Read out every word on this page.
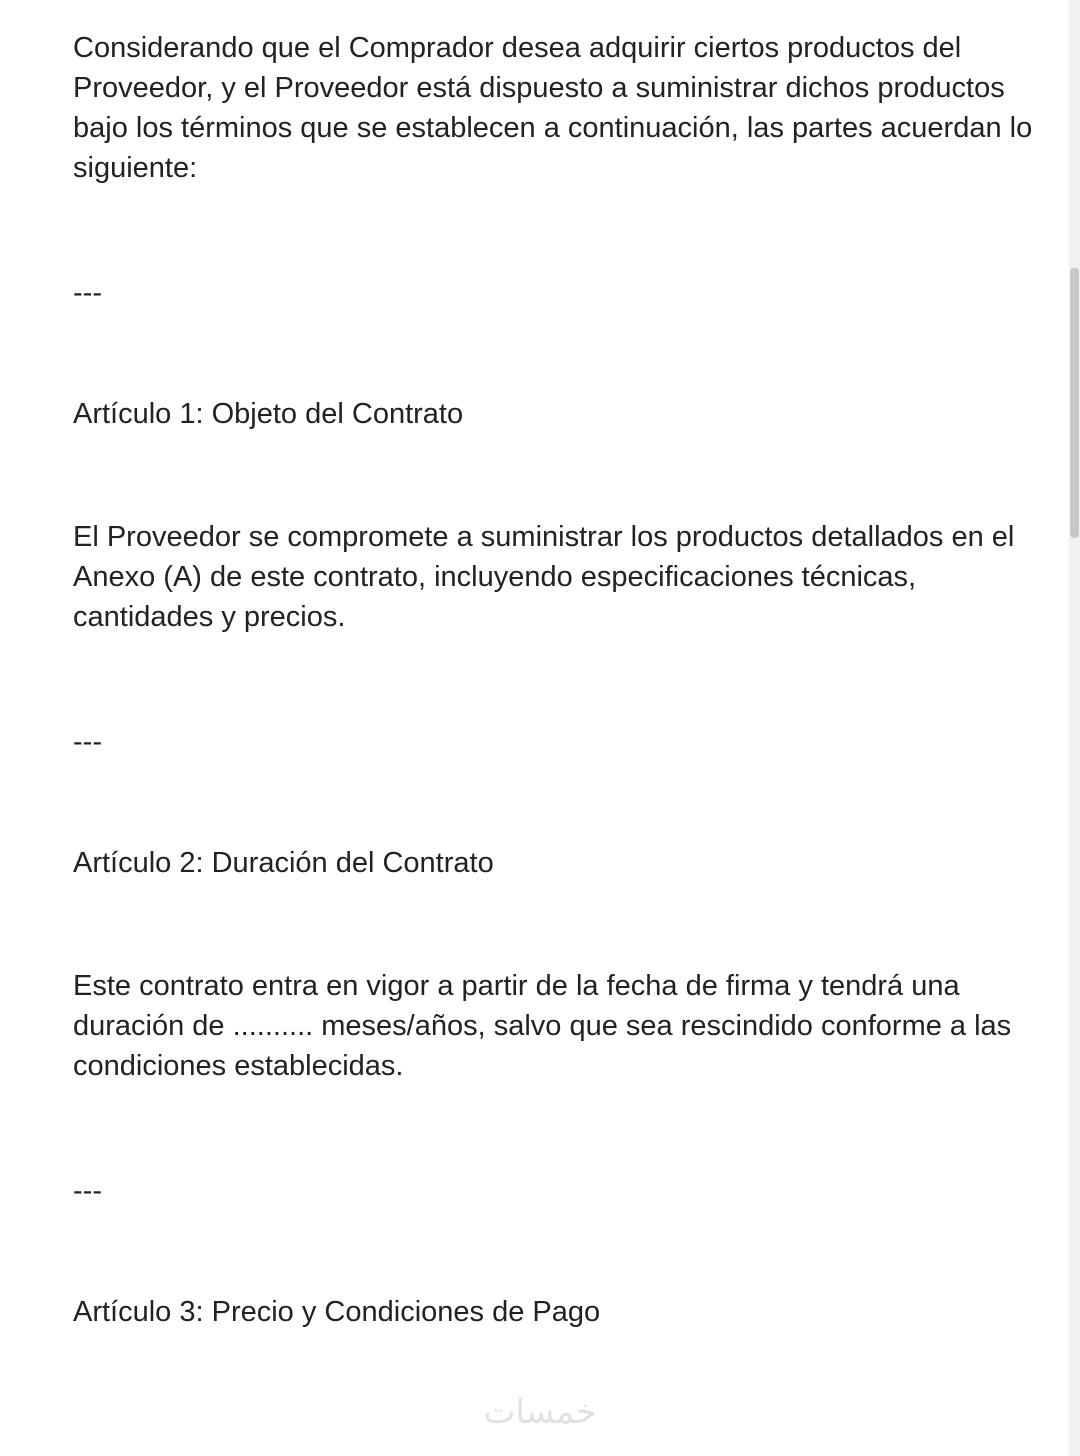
Considerando que el Comprador desea adquirir ciertos productos del Proveedor, y el Proveedor está dispuesto a suministrar dichos productos bajo los términos que se establecen a continuación, las partes acuerdan lo siguiente:

---

Artículo 1: Objeto del Contrato

El Proveedor se compromete a suministrar los productos detallados en el Anexo (A) de este contrato, incluyendo especificaciones técnicas, cantidades y precios.

---

Artículo 2: Duración del Contrato

Este contrato entra en vigor a partir de la fecha de firma y tendrá una duración de .......... meses/años, salvo que sea rescindido conforme a las condiciones establecidas.

---

Artículo 3: Precio y Condiciones de Pago

خمسات
